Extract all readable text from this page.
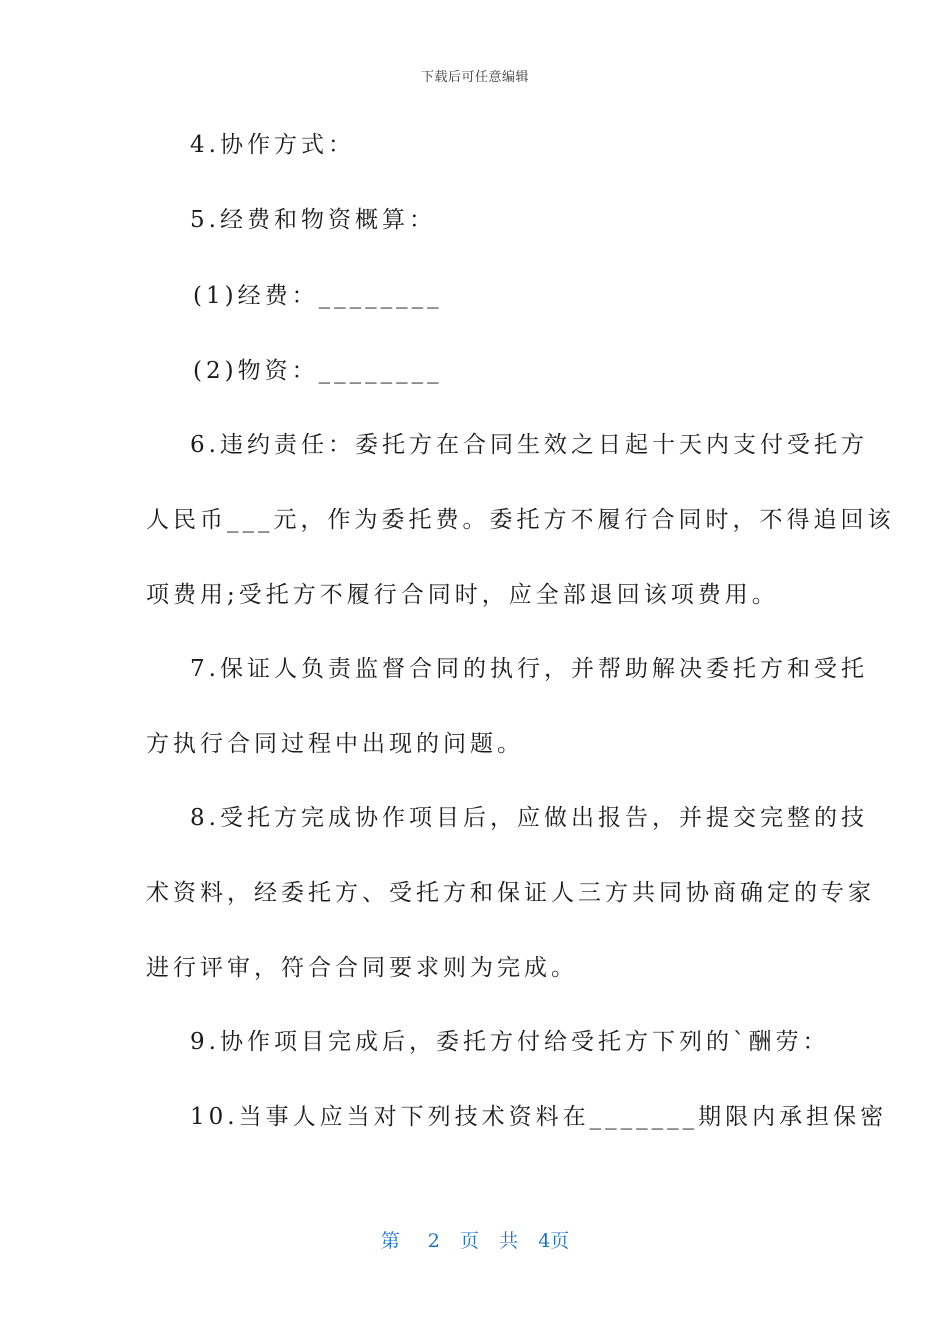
下载后可任意编辑
4.协作方式：
5.经费和物资概算：
(1)经费：________
(2)物资：________
6.违约责任：委托方在合同生效之日起十天内支付受托方
人民币___元，作为委托费。委托方不履行合同时，不得追回该
项费用;受托方不履行合同时，应全部退回该项费用。
7.保证人负责监督合同的执行，并帮助解决委托方和受托
方执行合同过程中出现的问题。
8.受托方完成协作项目后，应做出报告，并提交完整的技
术资料，经委托方、受托方和保证人三方共同协商确定的专家
进行评审，符合合同要求则为完成。
9.协作项目完成后，委托方付给受托方下列的`酬劳：
10.当事人应当对下列技术资料在_______期限内承担保密
第 2 页 共 4页
